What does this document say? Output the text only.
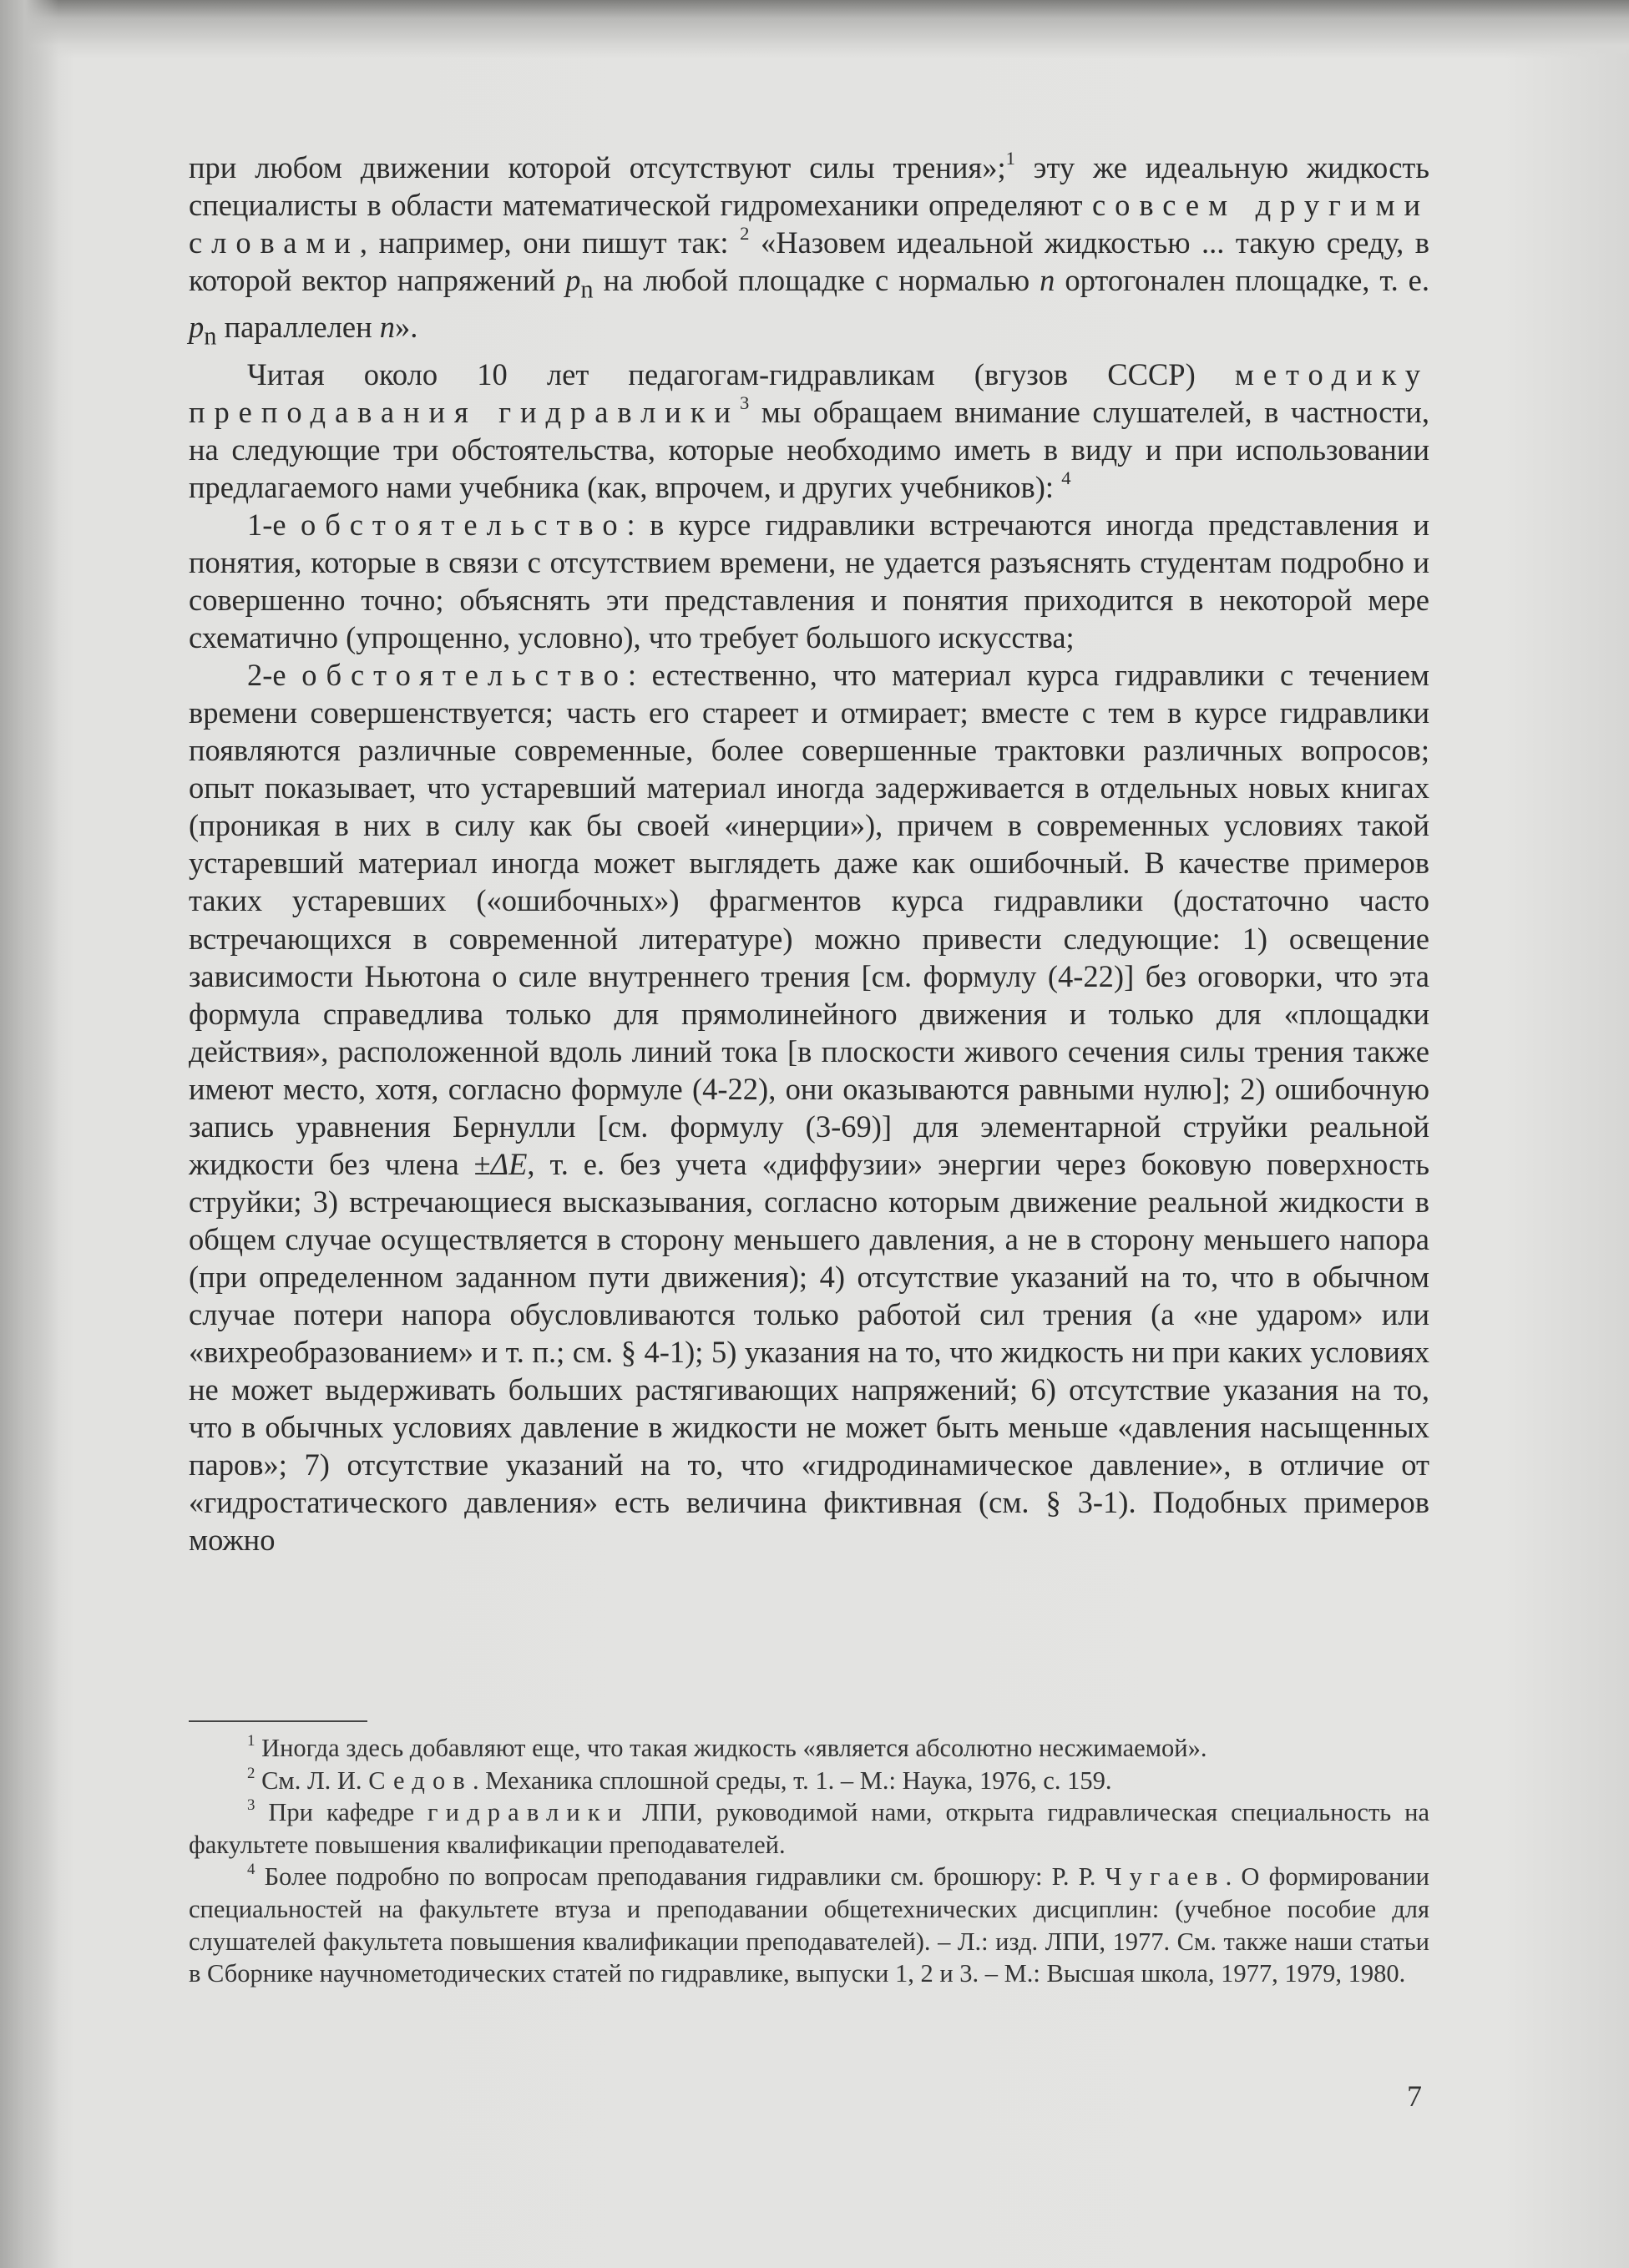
при любом движении которой отсутствуют силы трения»;$^1$ эту же идеальную жидкость специалисты в области математической гидромеханики определяют совсем другими словами, например, они пишут так: $^2$ «Назовем идеальной жидкостью ... такую среду, в которой вектор напряжений $p_n$ на любой площадке с нормалью n ортогонален площадке, т. е. $p_n$ параллелен n».

Читая около 10 лет педагогам-гидравликам (вгузов СССР) методику преподавания гидравлики$^3$ мы обращаем внимание слушателей, в частности, на следующие три обстоятельства, которые необходимо иметь в виду и при использовании предлагаемого нами учебника (как, впрочем, и других учебников): $^4$

1-е обстоятельство: в курсе гидравлики встречаются иногда представления и понятия, которые в связи с отсутствием времени, не удается разъяснять студентам подробно и совершенно точно; объяснять эти представления и понятия приходится в некоторой мере схематично (упрощенно, условно), что требует большого искусства;

2-е обстоятельство: естественно, что материал курса гидравлики с течением времени совершенствуется; часть его стареет и отмирает; вместе с тем в курсе гидравлики появляются различные современные, более совершенные трактовки различных вопросов; опыт показывает, что устаревший материал иногда задерживается в отдельных новых книгах (проникая в них в силу как бы своей «инерции»), причем в современных условиях такой устаревший материал иногда может выглядеть даже как ошибочный. В качестве примеров таких устаревших («ошибочных») фрагментов курса гидравлики (достаточно часто встречающихся в современной литературе) можно привести следующие: 1) освещение зависимости Ньютона о силе внутреннего трения [см. формулу (4-22)] без оговорки, что эта формула справедлива только для прямолинейного движения и только для «площадки действия», расположенной вдоль линий тока [в плоскости живого сечения силы трения также имеют место, хотя, согласно формуле (4-22), они оказываются равными нулю]; 2) ошибочную запись уравнения Бернулли [см. формулу (3-69)] для элементарной струйки реальной жидкости без члена ±ΔE, т. е. без учета «диффузии» энергии через боковую поверхность струйки; 3) встречающиеся высказывания, согласно которым движение реальной жидкости в общем случае осуществляется в сторону меньшего давления, а не в сторону меньшего напора (при определенном заданном пути движения); 4) отсутствие указаний на то, что в обычном случае потери напора обусловливаются только работой сил трения (а «не ударом» или «вихреобразованием» и т. п.; см. § 4-1); 5) указания на то, что жидкость ни при каких условиях не может выдерживать больших растягивающих напряжений; 6) отсутствие указания на то, что в обычных условиях давление в жидкости не может быть меньше «давления насыщенных паров»; 7) отсутствие указаний на то, что «гидродинамическое давление», в отличие от «гидростатического давления» есть величина фиктивная (см. § 3-1). Подобных примеров можно

$^1$ Иногда здесь добавляют еще, что такая жидкость «является абсолютно несжимаемой».

$^2$ См. Л. И. Седов. Механика сплошной среды, т. 1. – М.: Наука, 1976, с. 159.

$^3$ При кафедре гидравлики ЛПИ, руководимой нами, открыта гидравлическая специальность на факультете повышения квалификации преподавателей.

$^4$ Более подробно по вопросам преподавания гидравлики см. брошюру: Р. Р. Чугаев. О формировании специальностей на факультете втуза и преподавании общетехнических дисциплин: (учебное пособие для слушателей факультета повышения квалификации преподавателей). – Л.: изд. ЛПИ, 1977. См. также наши статьи в Сборнике научнометодических статей по гидравлике, выпуски 1, 2 и 3. – М.: Высшая школа, 1977, 1979, 1980.

7
